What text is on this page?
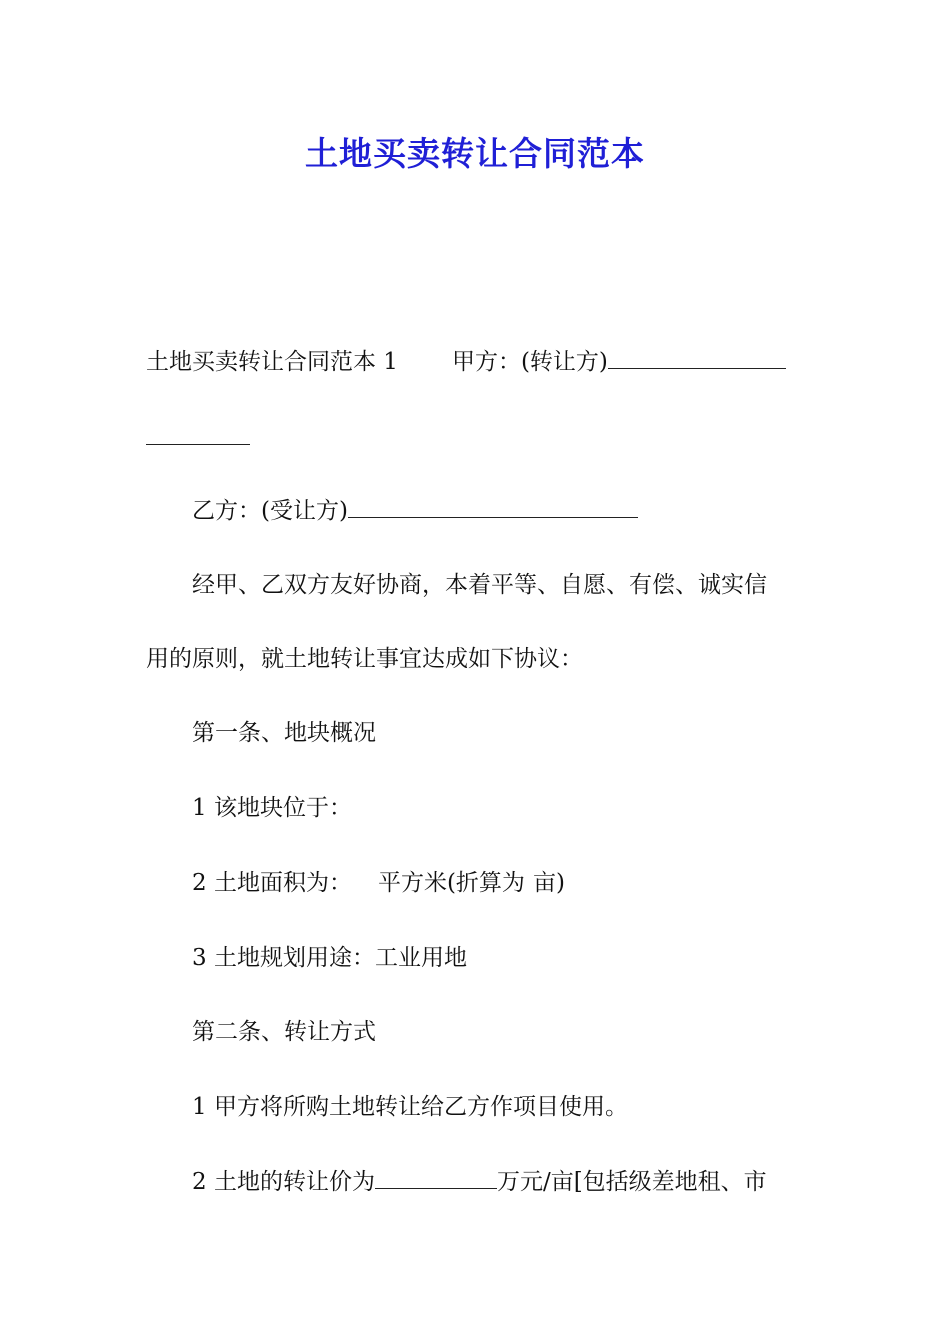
土地买卖转让合同范本
土地买卖转让合同范本 1 甲方：(转让方)
乙方：(受让方)
经甲、乙双方友好协商，本着平等、自愿、有偿、诚实信
用的原则，就土地转让事宜达成如下协议：
第一条、地块概况
1 该地块位于：
2 土地面积为： 平方米(折算为 亩)
3 土地规划用途：工业用地
第二条、转让方式
1 甲方将所购土地转让给乙方作项目使用。
2 土地的转让价为	万元/亩[包括级差地租、市
